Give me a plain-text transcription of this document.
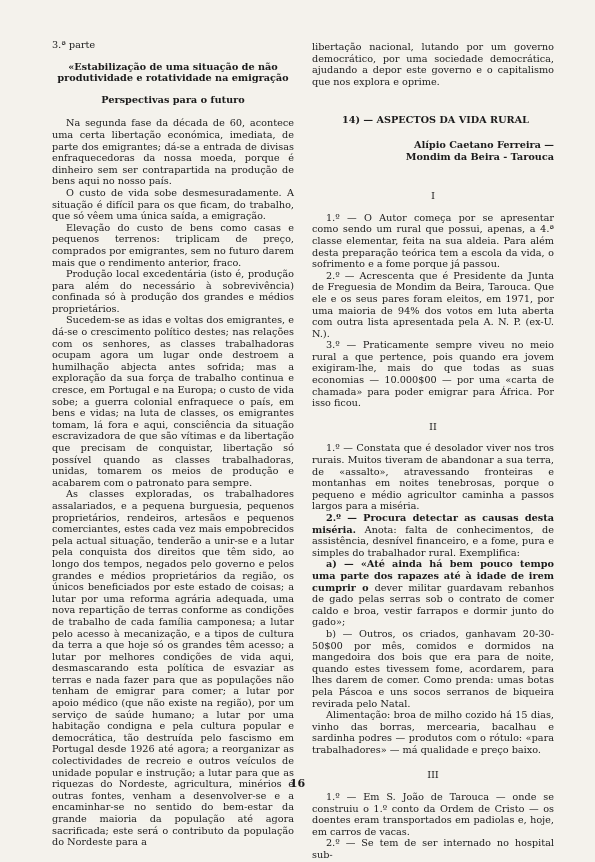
3.ª parte

«Estabilização de uma situação de não produtividade e rotatividade na emigração

Perspectivas para o futuro

Na segunda fase da década de 60, acontece uma certa libertação económica, imediata, de parte dos emigrantes; dá-se a entrada de divisas enfraquecedoras da nossa moeda, porque é dinheiro sem ser contrapartida na produção de bens aqui no nosso país.

O custo de vida sobe desmesuradamente. A situação é difícil para os que ficam, do trabalho, que só vêem uma única saída, a emigração.

Elevação do custo de bens como casas e pequenos terrenos: triplicam de preço, comprados por emigrantes, sem no futuro darem mais que o rendimento anterior, fraco.

Produção local excedentária (isto é, produção para além do necessário à sobrevivência) confinada só à produção dos grandes e médios proprietários.

Sucedem-se as idas e voltas dos emigrantes, e dá-se o crescimento político destes; nas relações com os senhores, as classes trabalhadoras ocupam agora um lugar onde destroem a humilhação abjecta antes sofrida; mas a exploração da sua força de trabalho continua e cresce, em Portugal e na Europa; o custo de vida sobe; a guerra colonial enfraquece o país, em bens e vidas; na luta de classes, os emigrantes tomam, lá fora e aqui, consciência da situação escravizadora de que são vítimas e da libertação que precisam de conquistar, libertação só possível quando as classes trabalhadoras, unidas, tomarem os meios de produção e acabarem com o patronato para sempre.

As classes exploradas, os trabalhadores assalariados, e a pequena burguesia, pequenos proprietários, rendeiros, artesãos e pequenos comerciantes, estes cada vez mais empobrecidos pela actual situação, tenderão a unir-se e a lutar pela conquista dos direitos que têm sido, ao longo dos tempos, negados pelo governo e pelos grandes e médios proprietários da região, os únicos beneficiados por este estado de coisas; a lutar por uma reforma agrária adequada, uma nova repartição de terras conforme as condições de trabalho de cada família camponesa; a lutar pelo acesso à mecanização, e a tipos de cultura da terra a que hoje só os grandes têm acesso; a lutar por melhores condições de vida aqui, desmascarando esta política de esvaziar as terras e nada fazer para que as populações não tenham de emigrar para comer; a lutar por apoio médico (que não existe na região), por um serviço de saúde humano; a lutar por uma habitação condigna e pela cultura popular e democrática, tão destruída pelo fascismo em Portugal desde 1926 até agora; a reorganizar as colectividades de recreio e outros veículos de unidade popular e instrução; a lutar para que as riquezas do Nordeste, agricultura, minérios e outras fontes, venham a desenvolver-se e a encaminhar-se no sentido do bem-estar da grande maioria da população até agora sacrificada; este será o contributo da população do Nordeste para a

libertação nacional, lutando por um governo democrático, por uma sociedade democrática, ajudando a depor este governo e o capitalismo que nos explora e oprime.

14) — ASPECTOS DA VIDA RURAL

Alípio Caetano Ferreira —
Mondim da Beira - Tarouca

I

1.º — O Autor começa por se apresentar como sendo um rural que possui, apenas, a 4.ª classe elementar, feita na sua aldeia. Para além desta preparação teórica tem a escola da vida, o sofrimento e a fome porque já passou.

2.º — Acrescenta que é Presidente da Junta de Freguesia de Mondim da Beira, Tarouca. Que ele e os seus pares foram eleitos, em 1971, por uma maioria de 94% dos votos em luta aberta com outra lista apresentada pela A. N. P. (ex-U. N.).

3.º — Praticamente sempre viveu no meio rural a que pertence, pois quando era jovem exigiram-lhe, mais do que todas as suas economias — 10.000$00 — por uma «carta de chamada» para poder emigrar para África. Por isso ficou.

II

1.º — Constata que é desolador viver nos tros rurais. Muitos tiveram de abandonar a sua terra, de «assalto», atravessando fronteiras e montanhas em noites tenebrosas, porque o pequeno e médio agricultor caminha a passos largos para a miséria.

2.º — Procura detectar as causas desta miséria. Anota: falta de conhecimentos, de assistência, desnível financeiro, e a fome, pura e simples do trabalhador rural. Exemplifica:

a) — «Até ainda há bem pouco tempo uma parte dos rapazes até à idade de irem cumprir o dever militar guardavam rebanhos de gado pelas serras sob o contrato de comer caldo e broa, vestir farrapos e dormir junto do gado»;

b) — Outros, os criados, ganhavam 20-30-50$00 por mês, comidos e dormidos na mangedoira dos bois que era para de noite, quando estes tivessem fome, acordarem, para lhes darem de comer. Como prenda: umas botas pela Páscoa e uns socos serranos de biqueira revirada pelo Natal.

Alimentação: broa de milho cozido há 15 dias, vinho das borras, mercearia, bacalhau e sardinha podres — produtos com o rótulo: «para trabalhadores» — má qualidade e preço baixo.

III

1.º — Em S. João de Tarouca — onde se construiu o 1.º conto da Ordem de Cristo — os doentes eram transportados em padiolas e, hoje, em carros de vacas.

2.º — Se tem de ser internado no hospital sub-

16
